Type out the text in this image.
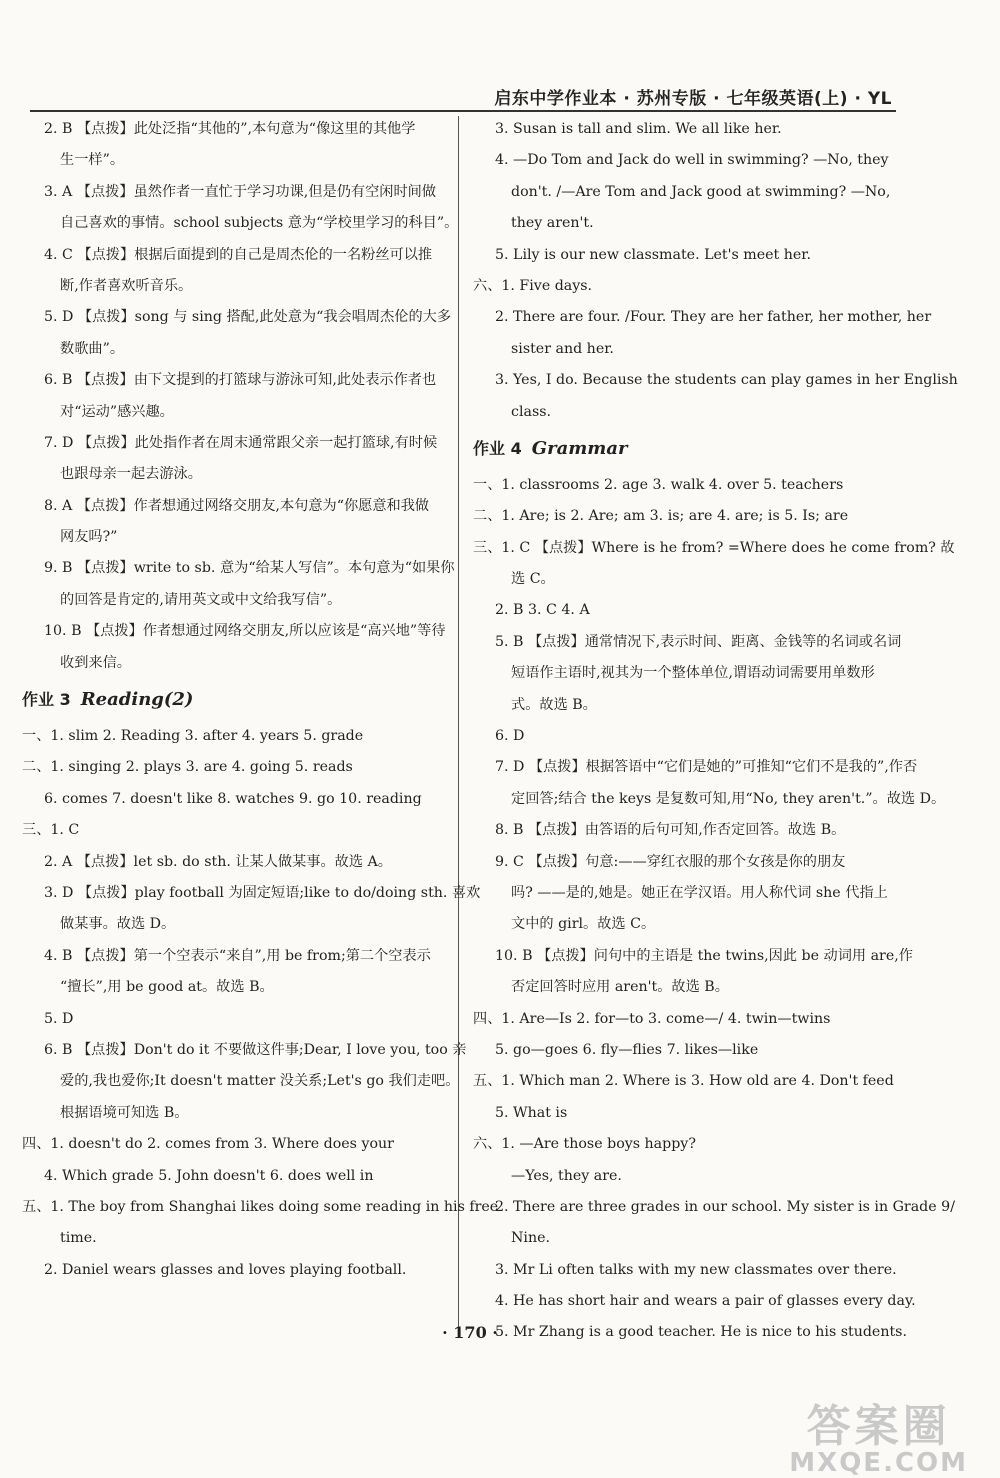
启东中学作业本 · 苏州专版 · 七年级英语(上) · YL
2. B 【点拨】此处泛指“其他的”,本句意为“像这里的其他学
生一样”。
3. A 【点拨】虽然作者一直忙于学习功课,但是仍有空闲时间做
自己喜欢的事情。school subjects 意为“学校里学习的科目”。
4. C 【点拨】根据后面提到的自己是周杰伦的一名粉丝可以推
断,作者喜欢听音乐。
5. D 【点拨】song 与 sing 搭配,此处意为“我会唱周杰伦的大多
数歌曲”。
6. B 【点拨】由下文提到的打篮球与游泳可知,此处表示作者也
对“运动”感兴趣。
7. D 【点拨】此处指作者在周末通常跟父亲一起打篮球,有时候
也跟母亲一起去游泳。
8. A 【点拨】作者想通过网络交朋友,本句意为“你愿意和我做
网友吗?”
9. B 【点拨】write to sb. 意为“给某人写信”。本句意为“如果你
的回答是肯定的,请用英文或中文给我写信”。
10. B 【点拨】作者想通过网络交朋友,所以应该是“高兴地”等待
收到来信。
作业 3 Reading(2)
一、1. slim 2. Reading 3. after 4. years 5. grade
二、1. singing 2. plays 3. are 4. going 5. reads
6. comes 7. doesn't like 8. watches 9. go 10. reading
三、1. C
2. A 【点拨】let sb. do sth. 让某人做某事。故选 A。
3. D 【点拨】play football 为固定短语;like to do/doing sth. 喜欢
做某事。故选 D。
4. B 【点拨】第一个空表示“来自”,用 be from;第二个空表示
“擅长”,用 be good at。故选 B。
5. D
6. B 【点拨】Don't do it 不要做这件事;Dear, I love you, too 亲
爱的,我也爱你;It doesn't matter 没关系;Let's go 我们走吧。
根据语境可知选 B。
四、1. doesn't do 2. comes from 3. Where does your
4. Which grade 5. John doesn't 6. does well in
五、1. The boy from Shanghai likes doing some reading in his free
time.
2. Daniel wears glasses and loves playing football.
3. Susan is tall and slim. We all like her.
4. —Do Tom and Jack do well in swimming? —No, they
don't. /—Are Tom and Jack good at swimming? —No,
they aren't.
5. Lily is our new classmate. Let's meet her.
六、1. Five days.
2. There are four. /Four. They are her father, her mother, her
sister and her.
3. Yes, I do. Because the students can play games in her English
class.
作业 4 Grammar
一、1. classrooms 2. age 3. walk 4. over 5. teachers
二、1. Are; is 2. Are; am 3. is; are 4. are; is 5. Is; are
三、1. C 【点拨】Where is he from? =Where does he come from? 故
选 C。
2. B 3. C 4. A
5. B 【点拨】通常情况下,表示时间、距离、金钱等的名词或名词
短语作主语时,视其为一个整体单位,谓语动词需要用单数形
式。故选 B。
6. D
7. D 【点拨】根据答语中“它们是她的”可推知“它们不是我的”,作否
定回答;结合 the keys 是复数可知,用“No, they aren't.”。故选 D。
8. B 【点拨】由答语的后句可知,作否定回答。故选 B。
9. C 【点拨】句意:——穿红衣服的那个女孩是你的朋友
吗? ——是的,她是。她正在学汉语。用人称代词 she 代指上
文中的 girl。故选 C。
10. B 【点拨】问句中的主语是 the twins,因此 be 动词用 are,作
否定回答时应用 aren't。故选 B。
四、1. Are—Is 2. for—to 3. come—/ 4. twin—twins
5. go—goes 6. fly—flies 7. likes—like
五、1. Which man 2. Where is 3. How old are 4. Don't feed
5. What is
六、1. —Are those boys happy?
—Yes, they are.
2. There are three grades in our school. My sister is in Grade 9/
Nine.
3. Mr Li often talks with my new classmates over there.
4. He has short hair and wears a pair of glasses every day.
5. Mr Zhang is a good teacher. He is nice to his students.
· 170 ·
答案圈
MXQE.COM
